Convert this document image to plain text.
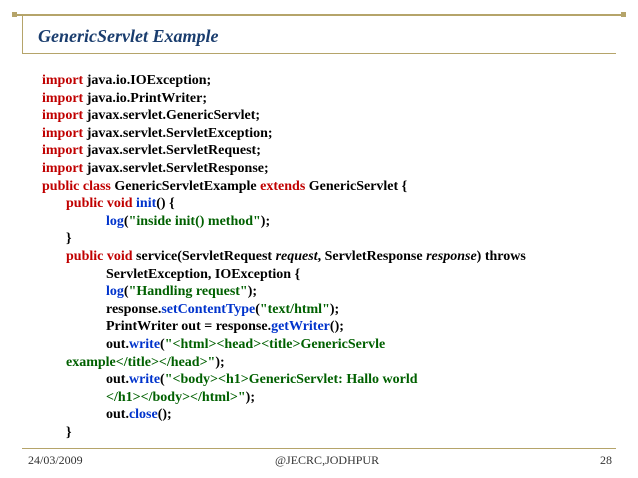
GenericServlet Example
import java.io.IOException;
import java.io.PrintWriter;
import javax.servlet.GenericServlet;
import javax.servlet.ServletException;
import javax.servlet.ServletRequest;
import javax.servlet.ServletResponse;
public class GenericServletExample extends GenericServlet {
public void init() {
log("inside init() method");
}
public void service(ServletRequest request, ServletResponse response) throws
ServletException, IOException {
log("Handling request");
response.setContentType("text/html");
PrintWriter out = response.getWriter();
out.write("<html><head><title>GenericServle
example</title></head>");
out.write("<body><h1>GenericServlet: Hallo world
</h1></body></html>");
out.close();
}
24/03/2009	@JECRC,JODHPUR	28
